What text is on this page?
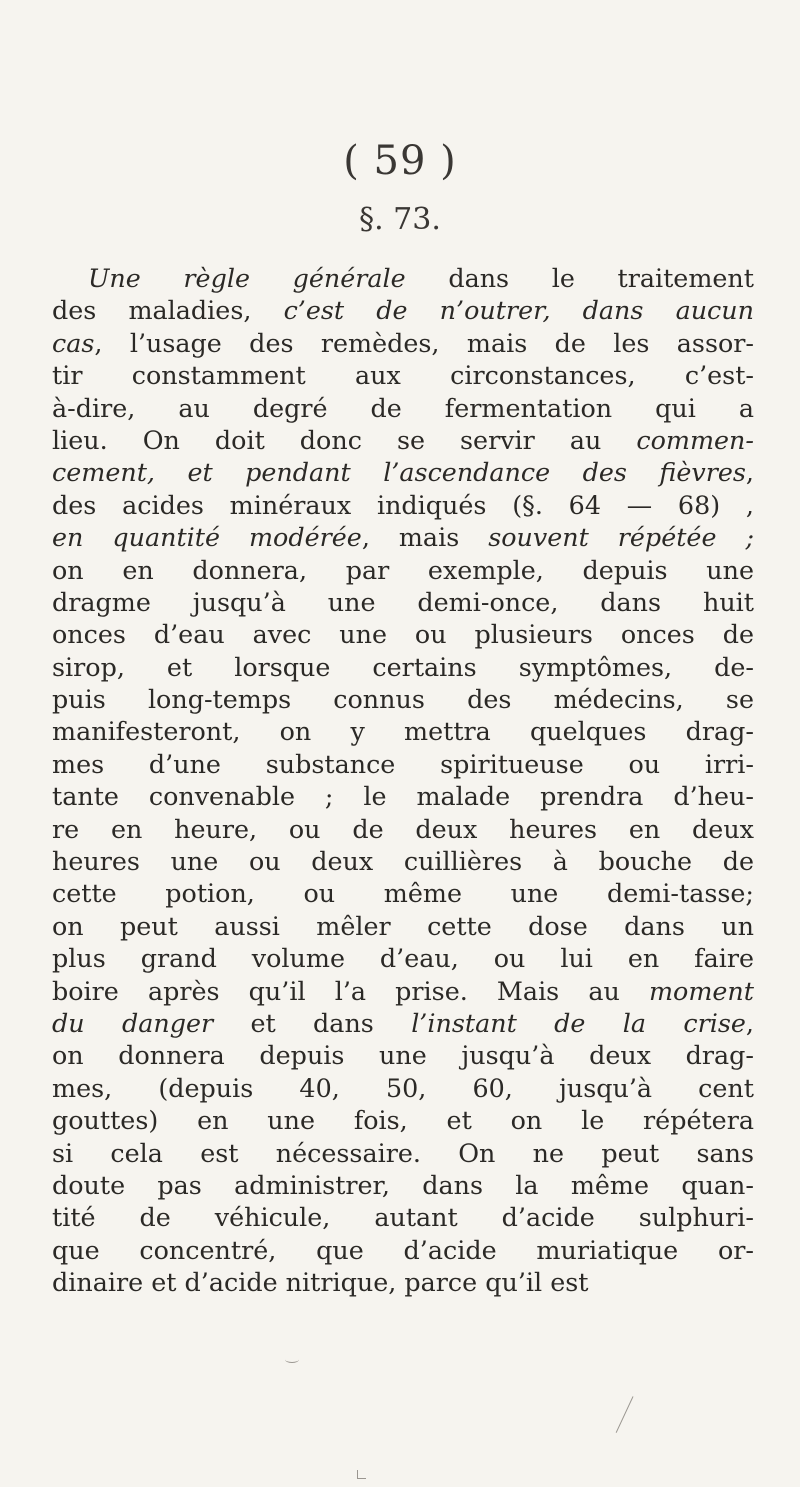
( 59 )
§. 73.
Une règle générale dans le traitement
des maladies, c’est de n’outrer, dans aucun
cas, l’usage des remèdes, mais de les assor-
tir constamment aux circonstances, c’est-
à-dire, au degré de fermentation qui a
lieu. On doit donc se servir au commen-
cement, et pendant l’ascendance des fièvres,
des acides minéraux indiqués (§. 64 — 68) ,
en quantité modérée, mais souvent répétée ;
on en donnera, par exemple, depuis une
dragme jusqu’à une demi-once, dans huit
onces d’eau avec une ou plusieurs onces de
sirop, et lorsque certains symptômes, de-
puis long-temps connus des médecins, se
manifesteront, on y mettra quelques drag-
mes d’une substance spiritueuse ou irri-
tante convenable ; le malade prendra d’heu-
re en heure, ou de deux heures en deux
heures une ou deux cuillières à bouche de
cette potion, ou même une demi-tasse;
on peut aussi mêler cette dose dans un
plus grand volume d’eau, ou lui en faire
boire après qu’il l’a prise. Mais au moment
du danger et dans l’instant de la crise,
on donnera depuis une jusqu’à deux drag-
mes, (depuis 40, 50, 60, jusqu’à cent
gouttes) en une fois, et on le répétera
si cela est nécessaire. On ne peut sans
doute pas administrer, dans la même quan-
tité de véhicule, autant d’acide sulphuri-
que concentré, que d’acide muriatique or-
dinaire et d’acide nitrique, parce qu’il est
